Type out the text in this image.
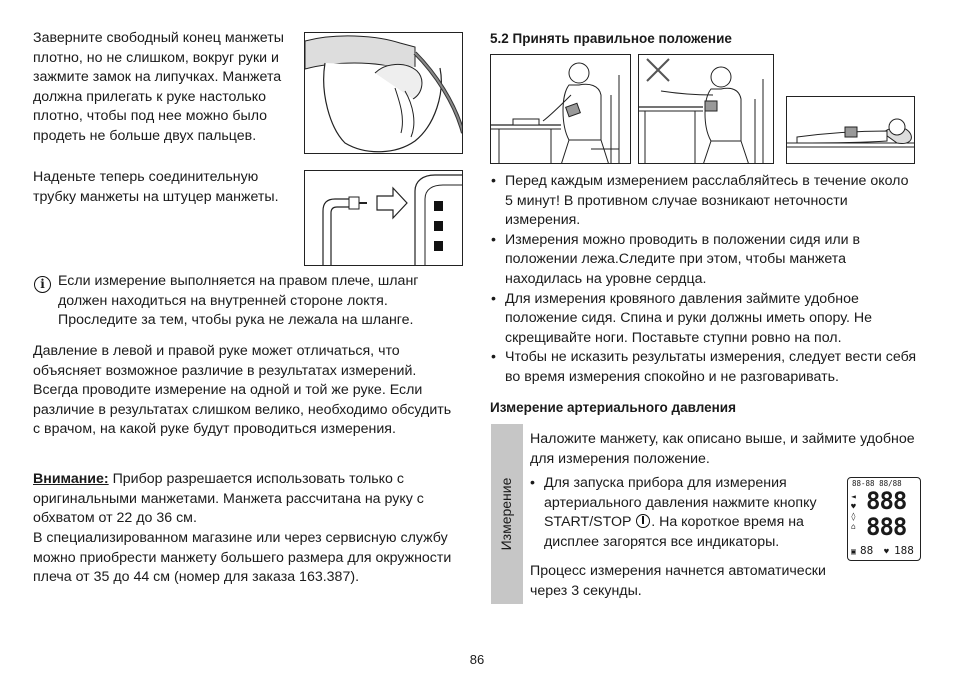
Заверните свободный конец манжеты плотно, но не слишком, вокруг руки и зажмите замок на липучках. Манжета должна прилегать к руке настолько плотно, чтобы под нее можно было продеть не больше двух пальцев.

Наденьте теперь соединительную трубку манжеты на штуцер манжеты.

i Если измерение выполняется на правом плече, шланг должен находиться на внутренней стороне локтя. Проследите за тем, чтобы рука не лежала на шланге.

Давление в левой и правой руке может отличаться, что объясняет возможное различие в результатах измерений. Всегда проводите измерение на одной и той же руке. Если различие в результатах слишком велико, необходимо обсудить с врачом, на какой руке будут проводиться измерения.

Внимание: Прибор разрешается использовать только с оригинальными манжетами. Манжета рассчитана на руку с обхватом от 22 до 36 см.

В специализированном магазине или через сервисную службу можно приобрести манжету большего размера для окружности плеча от 35 до 44 см (номер для заказа 163.387).

5.2 Принять правильное положение
• Перед каждым измерением расслабляйтесь в течение около 5 минут! В противном случае возникают неточности измерения.
• Измерения можно проводить в положении сидя или в положении лежа.Следите при этом, чтобы манжета находилась на уровне сердца.
• Для измерения кровяного давления займите удобное положение сидя. Спина и руки должны иметь опору. Не скрещивайте ноги. Поставьте ступни ровно на пол.
• Чтобы не исказить результаты измерения, следует вести себя во время измерения спокойно и не разговаривать.
Измерение артериального давления
Измерение

Наложите манжету, как описано выше, и займите удобное для измерения положение.

• Для запуска прибора для измерения артериального давления нажмите кнопку START/STOP . На короткое время на дисплее загорятся все индикаторы.
88-88 88/88
◄
♥
◊
⌂
888
888
▣ 88 ♥ 188

Процесс измерения начнется автоматически через 3 секунды.

86
